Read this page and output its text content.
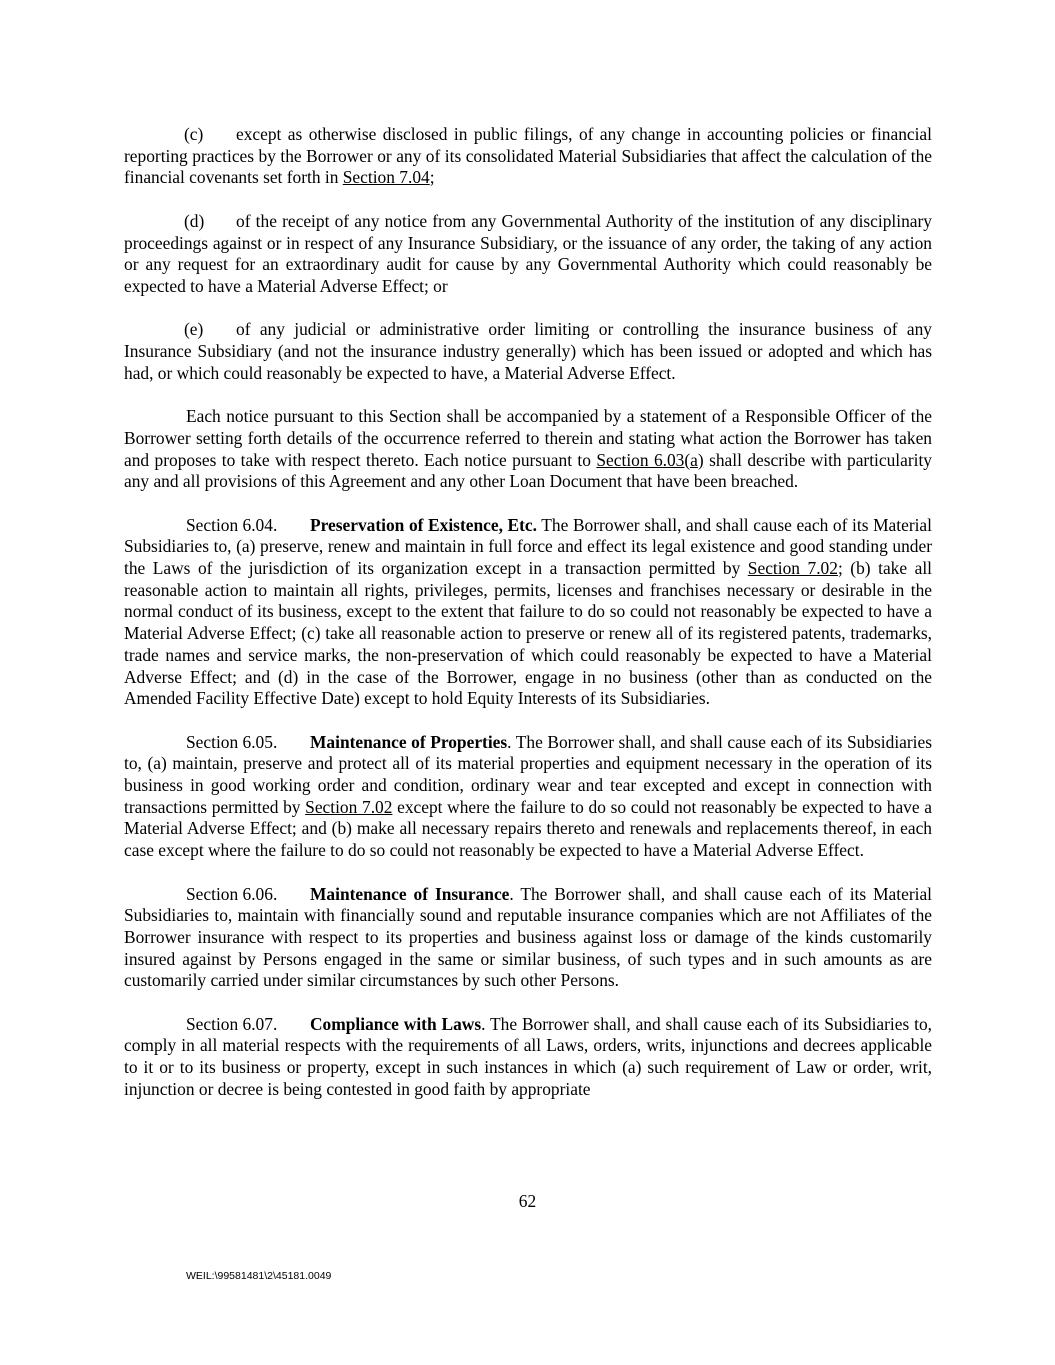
(c) except as otherwise disclosed in public filings, of any change in accounting policies or financial reporting practices by the Borrower or any of its consolidated Material Subsidiaries that affect the calculation of the financial covenants set forth in Section 7.04;

(d) of the receipt of any notice from any Governmental Authority of the institution of any disciplinary proceedings against or in respect of any Insurance Subsidiary, or the issuance of any order, the taking of any action or any request for an extraordinary audit for cause by any Governmental Authority which could reasonably be expected to have a Material Adverse Effect; or

(e) of any judicial or administrative order limiting or controlling the insurance business of any Insurance Subsidiary (and not the insurance industry generally) which has been issued or adopted and which has had, or which could reasonably be expected to have, a Material Adverse Effect.

Each notice pursuant to this Section shall be accompanied by a statement of a Responsible Officer of the Borrower setting forth details of the occurrence referred to therein and stating what action the Borrower has taken and proposes to take with respect thereto. Each notice pursuant to Section 6.03(a) shall describe with particularity any and all provisions of this Agreement and any other Loan Document that have been breached.

Section 6.04. Preservation of Existence, Etc. The Borrower shall, and shall cause each of its Material Subsidiaries to, (a) preserve, renew and maintain in full force and effect its legal existence and good standing under the Laws of the jurisdiction of its organization except in a transaction permitted by Section 7.02; (b) take all reasonable action to maintain all rights, privileges, permits, licenses and franchises necessary or desirable in the normal conduct of its business, except to the extent that failure to do so could not reasonably be expected to have a Material Adverse Effect; (c) take all reasonable action to preserve or renew all of its registered patents, trademarks, trade names and service marks, the non-preservation of which could reasonably be expected to have a Material Adverse Effect; and (d) in the case of the Borrower, engage in no business (other than as conducted on the Amended Facility Effective Date) except to hold Equity Interests of its Subsidiaries.

Section 6.05. Maintenance of Properties. The Borrower shall, and shall cause each of its Subsidiaries to, (a) maintain, preserve and protect all of its material properties and equipment necessary in the operation of its business in good working order and condition, ordinary wear and tear excepted and except in connection with transactions permitted by Section 7.02 except where the failure to do so could not reasonably be expected to have a Material Adverse Effect; and (b) make all necessary repairs thereto and renewals and replacements thereof, in each case except where the failure to do so could not reasonably be expected to have a Material Adverse Effect.

Section 6.06. Maintenance of Insurance. The Borrower shall, and shall cause each of its Material Subsidiaries to, maintain with financially sound and reputable insurance companies which are not Affiliates of the Borrower insurance with respect to its properties and business against loss or damage of the kinds customarily insured against by Persons engaged in the same or similar business, of such types and in such amounts as are customarily carried under similar circumstances by such other Persons.

Section 6.07. Compliance with Laws. The Borrower shall, and shall cause each of its Subsidiaries to, comply in all material respects with the requirements of all Laws, orders, writs, injunctions and decrees applicable to it or to its business or property, except in such instances in which (a) such requirement of Law or order, writ, injunction or decree is being contested in good faith by appropriate

62
WEIL:\99581481\2\45181.0049
